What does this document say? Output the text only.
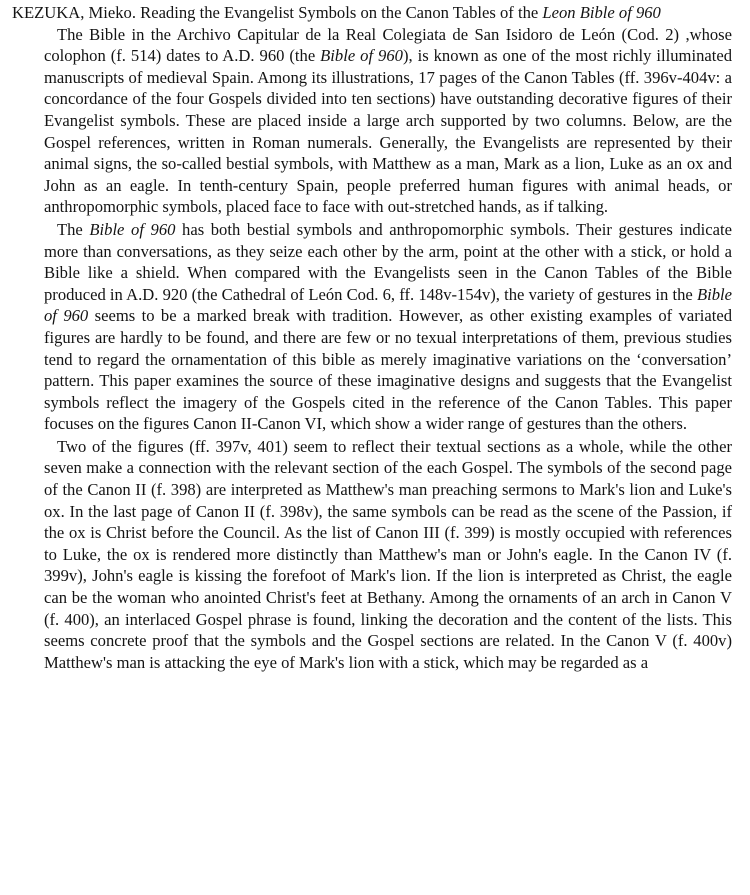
KEZUKA, Mieko. Reading the Evangelist Symbols on the Canon Tables of the Leon Bible of 960

The Bible in the Archivo Capitular de la Real Colegiata de San Isidoro de León (Cod. 2) ,whose colophon (f. 514) dates to A.D. 960 (the Bible of 960), is known as one of the most richly illuminated manuscripts of medieval Spain. Among its illustrations, 17 pages of the Canon Tables (ff. 396v-404v: a concordance of the four Gospels divided into ten sections) have outstanding decorative figures of their Evangelist symbols. These are placed inside a large arch supported by two columns. Below, are the Gospel references, written in Roman numerals. Generally, the Evangelists are represented by their animal signs, the so-called bestial symbols, with Matthew as a man, Mark as a lion, Luke as an ox and John as an eagle. In tenth-century Spain, people preferred human figures with animal heads, or anthropomorphic symbols, placed face to face with out-stretched hands, as if talking.

The Bible of 960 has both bestial symbols and anthropomorphic symbols. Their gestures indicate more than conversations, as they seize each other by the arm, point at the other with a stick, or hold a Bible like a shield. When compared with the Evangelists seen in the Canon Tables of the Bible produced in A.D. 920 (the Cathedral of León Cod. 6, ff. 148v-154v), the variety of gestures in the Bible of 960 seems to be a marked break with tradition. However, as other existing examples of variated figures are hardly to be found, and there are few or no texual interpretations of them, previous studies tend to regard the ornamentation of this bible as merely imaginative variations on the ‘conversation’ pattern. This paper examines the source of these imaginative designs and suggests that the Evangelist symbols reflect the imagery of the Gospels cited in the reference of the Canon Tables. This paper focuses on the figures Canon II-Canon VI, which show a wider range of gestures than the others.

Two of the figures (ff. 397v, 401) seem to reflect their textual sections as a whole, while the other seven make a connection with the relevant section of the each Gospel. The symbols of the second page of the Canon II (f. 398) are interpreted as Matthew's man preaching sermons to Mark's lion and Luke's ox. In the last page of Canon II (f. 398v), the same symbols can be read as the scene of the Passion, if the ox is Christ before the Council. As the list of Canon III (f. 399) is mostly occupied with references to Luke, the ox is rendered more distinctly than Matthew's man or John's eagle. In the Canon IV (f. 399v), John's eagle is kissing the forefoot of Mark's lion. If the lion is interpreted as Christ, the eagle can be the woman who anointed Christ's feet at Bethany. Among the ornaments of an arch in Canon V (f. 400), an interlaced Gospel phrase is found, linking the decoration and the content of the lists. This seems concrete proof that the symbols and the Gospel sections are related. In the Canon V (f. 400v) Matthew's man is attacking the eye of Mark's lion with a stick, which may be regarded as a
